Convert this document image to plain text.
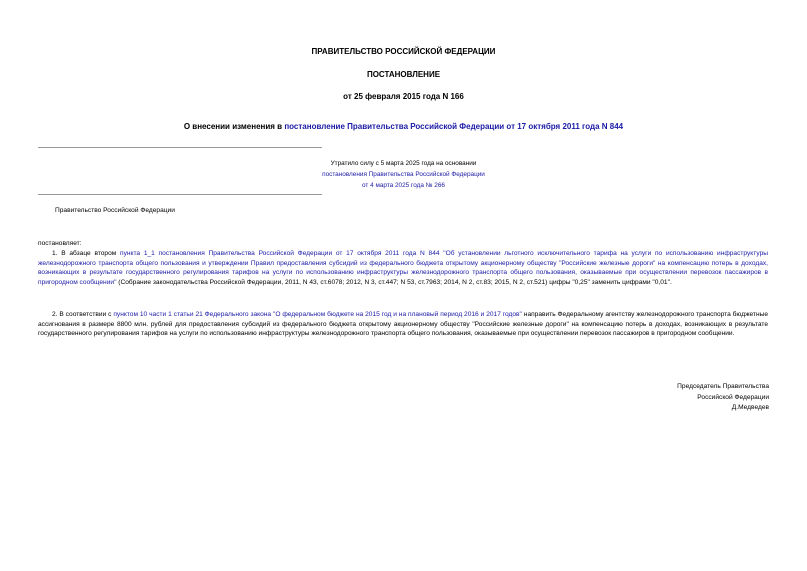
ПРАВИТЕЛЬСТВО РОССИЙСКОЙ ФЕДЕРАЦИИ
ПОСТАНОВЛЕНИЕ
от 25 февраля 2015 года N 166
О внесении изменения в постановление Правительства Российской Федерации от 17 октября 2011 года N 844
Утратило силу с 5 марта 2025 года на основании
постановления Правительства Российской Федерации
от 4 марта 2025 года № 266
Правительство Российской Федерации
постановляет:
1. В абзаце втором пункта 1_1 постановления Правительства Российской Федерации от 17 октября 2011 года N 844 "Об установлении льготного исключительного тарифа на услуги по использованию инфраструктуры железнодорожного транспорта общего пользования и утверждении Правил предоставления субсидий из федерального бюджета открытому акционерному обществу "Российские железные дороги" на компенсацию потерь в доходах, возникающих в результате государственного регулирования тарифов на услуги по использованию инфраструктуры железнодорожного транспорта общего пользования, оказываемые при осуществлении перевозок пассажиров в пригородном сообщении" (Собрание законодательства Российской Федерации, 2011, N 43, ст.6078; 2012, N 3, ст.447; N 53, ст.7963; 2014, N 2, ст.83; 2015, N 2, ст.521) цифры "0,25" заменить цифрами "0,01".
2. В соответствии с пунктом 10 части 1 статьи 21 Федерального закона "О федеральном бюджете на 2015 год и на плановый период 2016 и 2017 годов" направить Федеральному агентству железнодорожного транспорта бюджетные ассигнования в размере 8800 млн. рублей для предоставления субсидий из федерального бюджета открытому акционерному обществу "Российские железные дороги" на компенсацию потерь в доходах, возникающих в результате государственного регулирования тарифов на услуги по использованию инфраструктуры железнодорожного транспорта общего пользования, оказываемые при осуществлении перевозок пассажиров в пригородном сообщении.
Председатель Правительства
Российской Федерации
Д.Медведев
